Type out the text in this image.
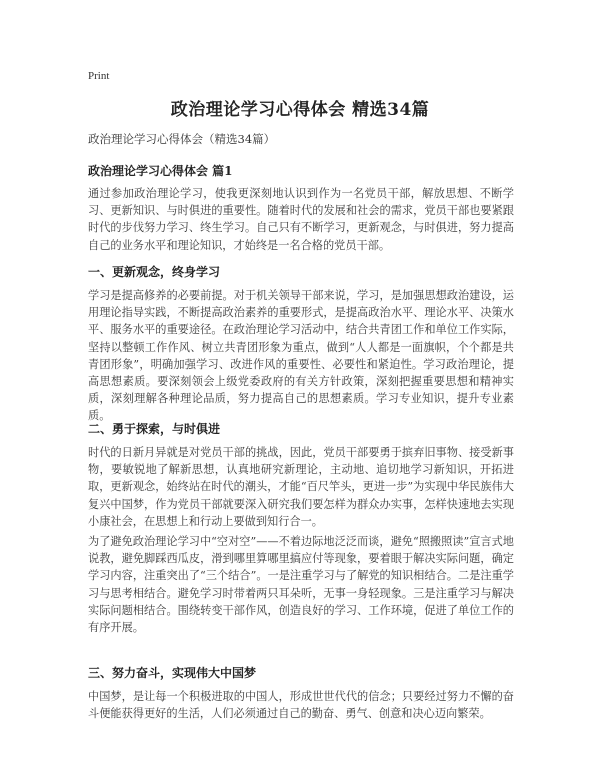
Print
政治理论学习心得体会 精选34篇
政治理论学习心得体会（精选34篇）
政治理论学习心得体会 篇1
通过参加政治理论学习，使我更深刻地认识到作为一名党员干部，解放思想、不断学习、更新知识、与时俱进的重要性。随着时代的发展和社会的需求，党员干部也要紧跟时代的步伐努力学习、终生学习。自己只有不断学习，更新观念，与时俱进，努力提高自己的业务水平和理论知识，才始终是一名合格的党员干部。
一、更新观念，终身学习
学习是提高修养的必要前提。对于机关领导干部来说，学习，是加强思想政治建设，运用理论指导实践，不断提高政治素养的重要形式，是提高政治水平、理论水平、决策水平、服务水平的重要途径。在政治理论学习活动中，结合共青团工作和单位工作实际，坚持以整顿工作作风、树立共青团形象为重点，做到“人人都是一面旗帜，个个都是共青团形象”，明确加强学习、改进作风的重要性、必要性和紧迫性。学习政治理论，提高思想素质。要深刻领会上级党委政府的有关方针政策，深刻把握重要思想和精神实质，深刻理解各种理论品质，努力提高自己的思想素质。学习专业知识，提升专业素质。
二、勇于探索，与时俱进
时代的日新月异就是对党员干部的挑战，因此，党员干部要勇于摈弃旧事物、接受新事物，要敏锐地了解新思想，认真地研究新理论，主动地、追切地学习新知识，开拓进取，更新观念，始终站在时代的潮头，才能“百尺竿头，更进一步”为实现中华民族伟大复兴中国梦，作为党员干部就要深入研究我们要怎样为群众办实事，怎样快速地去实现小康社会，在思想上和行动上要做到知行合一。
为了避免政治理论学习中“空对空”——不着边际地泛泛而谈，避免“照搬照读”宣言式地说教，避免脚踩西瓜皮，滑到哪里算哪里搞应付等现象，要着眼于解决实际问题，确定学习内容，注重突出了“三个结合”。一是注重学习与了解党的知识相结合。二是注重学习与思考相结合。避免学习时带着两只耳朵听，无事一身轻现象。三是注重学习与解决实际问题相结合。围绕转变干部作风，创造良好的学习、工作环境，促进了单位工作的有序开展。
三、努力奋斗，实现伟大中国梦
中国梦，是让每一个积极进取的中国人，形成世世代代的信念；只要经过努力不懈的奋斗便能获得更好的生活，人们必须通过自己的勤奋、勇气、创意和决心迈向繁荣。
